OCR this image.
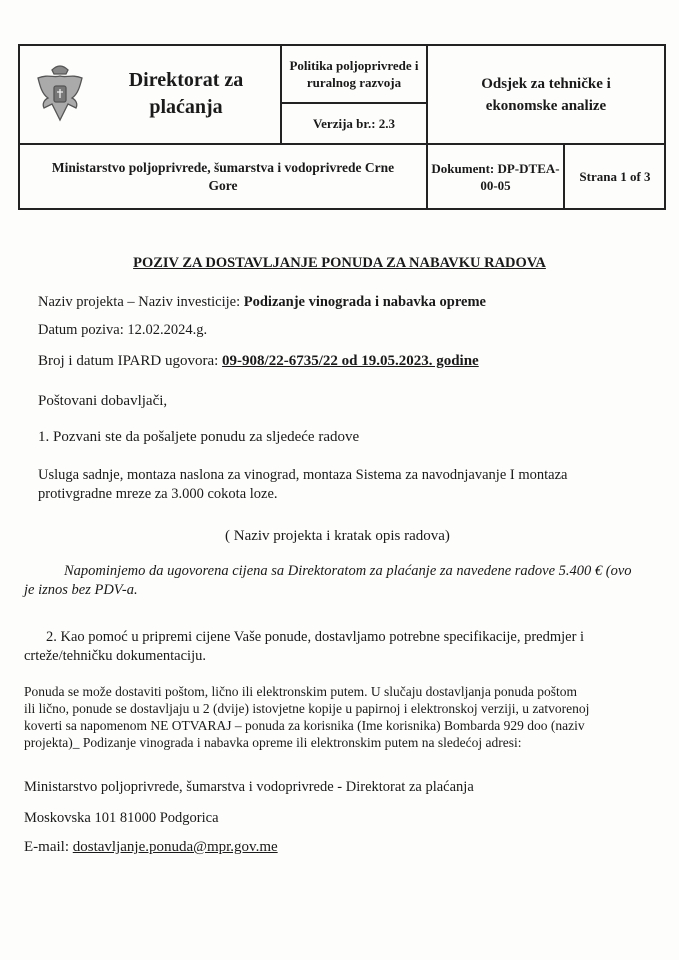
Direktorat za
plaćanja
Politika poljoprivrede i
ruralnog razvoja
Verzija br.: 2.3
Odsjek za tehničke i
ekonomske analize
Ministarstvo poljoprivrede, šumarstva i vodoprivrede Crne
Gore
Dokument: DP-DTEA-
00-05
Strana 1 of 3
POZIV ZA DOSTAVLJANJE PONUDA ZA NABAVKU RADOVA
Naziv projekta – Naziv investicije: Podizanje vinograda i nabavka opreme
Datum poziva: 12.02.2024.g.
Broj i datum IPARD ugovora: 09-908/22-6735/22 od 19.05.2023. godine
Poštovani dobavljači,
1. Pozvani ste da pošaljete ponudu za sljedeće radove
Usluga sadnje, montaza naslona za vinograd, montaza Sistema za navodnjavanje I montaza
protivgradne mreze za 3.000 cokota loze.
( Naziv projekta i kratak opis radova)
Napominjemo da ugovorena cijena sa Direktoratom za plaćanje za navedene radove 5.400 € (ovo
je iznos bez PDV-a.
2. Kao pomoć u pripremi cijene Vaše ponude, dostavljamo potrebne specifikacije, predmjer i
crteže/tehničku dokumentaciju.
Ponuda se može dostaviti poštom, lično ili elektronskim putem. U slučaju dostavljanja ponuda poštom
ili lično, ponude se dostavljaju u 2 (dvije) istovjetne kopije u papirnoj i elektronskoj verziji, u zatvorenoj
koverti sa napomenom NE OTVARAJ – ponuda za korisnika (Ime korisnika) Bombarda 929 doo (naziv
projekta)_ Podizanje vinograda i nabavka opreme ili elektronskim putem na sledećoj adresi:
Ministarstvo poljoprivrede, šumarstva i vodoprivrede - Direktorat za plaćanja
Moskovska 101 81000 Podgorica
E-mail: dostavljanje.ponuda@mpr.gov.me
